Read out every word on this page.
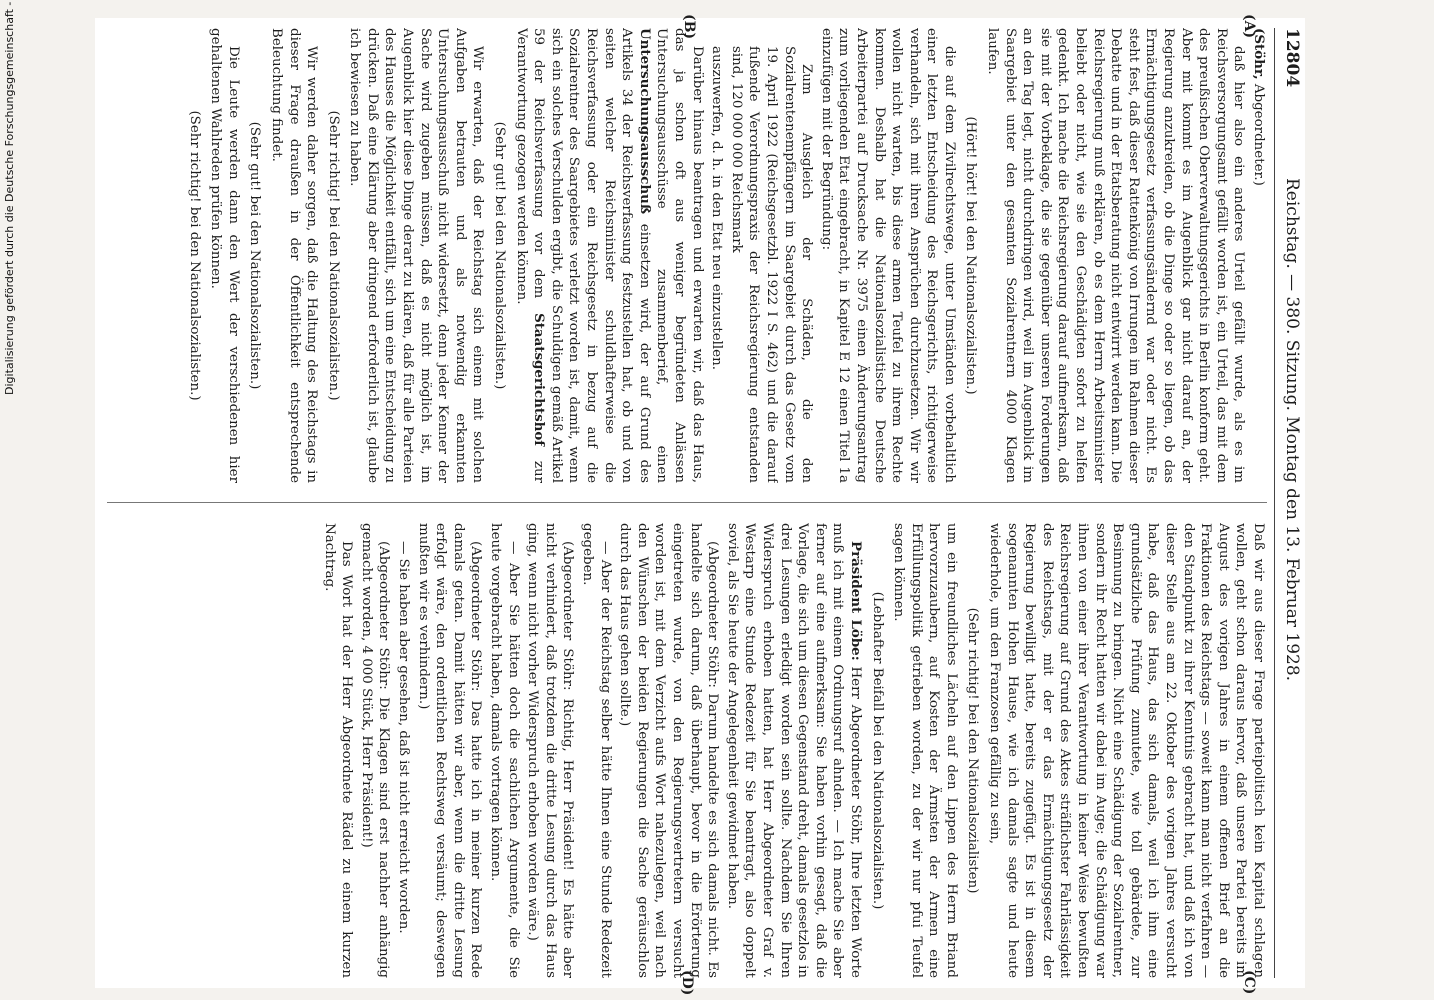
12804
Reichstag. — 380. Sitzung. Montag den 13. Februar 1928.
(A)
(B)
(C)
(D)

(Stöhr, Abgeordneter.)

daß hier also ein anderes Urteil gefällt wurde, als es im Reichsversorgungsamt gefällt worden ist, ein Urteil, das mit dem des preußischen Oberverwaltungsgerichts in Berlin konform geht. Aber mit kommt es im Augenblick gar nicht darauf an, der Regierung anzukreiden, ob die Dinge so oder so liegen, ob das Ermächtigungsgesetz verfassungsändernd war oder nicht. Es steht fest, daß dieser Rattenkönig von Irrungen im Rahmen dieser Debatte und in der Etatsberatung nicht entwirrt werden kann. Die Reichsregierung muß erklären, ob es dem Herrn Arbeitsminister beliebt oder nicht, wie sie den Geschädigten sofort zu helfen gedenkt. Ich mache die Reichsregierung darauf aufmerksam, daß sie mit der Vorbeklage, die sie gegenüber unseren Forderungen an den Tag legt, nicht durchdringen wird, weil im Augenblick im Saargebiet unter den gesamten Sozialrentnern 4000 Klagen laufen.

(Hört! hört! bei den Nationalsozialisten.)

die auf dem Zivilrechtswege, unter Umständen vorbehaltlich einer letzten Entscheidung des Reichsgerichts, richtigerweise verhandeln, sich mit ihren Ansprüchen durchzusetzen. Wir wir wollen nicht warten, bis diese armen Teufel zu ihrem Rechte kommen. Deshalb hat die Nationalsozialistische Deutsche Arbeiterpartei auf Drucksache Nr. 3975 einen Änderungsantrag zum vorliegenden Etat eingebracht, in Kapitel E 12 einen Titel 1a einzufügen mit der Begründung:

Zum Ausgleich der Schäden, die den Sozialrentenempfängern im Saargebiet durch das Gesetz vom 19. April 1922 (Reichsgesetzbl. 1922 I S. 462) und die darauf fußende Verordnungspraxis der Reichsregierung entstanden sind, 120 000 000 Reichsmark

auszuwerfen, d. h. in den Etat neu einzustellen.

Darüber hinaus beantragen und erwarten wir, daß das Haus, das ja schon oft aus weniger begründeten Anlässen Untersuchungsausschüsse zusammenberief, einen Untersuchungsausschuß einsetzen wird, der auf Grund des Artikels 34 der Reichsverfassung festzustellen hat, ob und von seiten welcher Reichsminister schuldhafterweise die Reichsverfassung oder ein Reichsgesetz in bezug auf die Sozialrentner des Saargebietes verletzt worden ist, damit, wenn sich ein solches Verschulden ergibt, die Schuldigen gemäß Artikel 59 der Reichsverfassung vor dem Staatsgerichtshof zur Verantwortung gezogen werden können.

(Sehr gut! bei den Nationalsozialisten.)

Wir erwarten, daß der Reichstag sich einem mit solchen Aufgaben betrauten und als notwendig erkannten Untersuchungsausschuß nicht widersetzt, denn jeder Kenner der Sache wird zugeben müssen, daß es nicht möglich ist, im Augenblick hier diese Dinge derart zu klären, daß für alle Parteien des Hauses die Möglichkeit entfällt, sich um eine Entscheidung zu drücken. Daß eine Klärung aber dringend erforderlich ist, glaube ich bewiesen zu haben.

(Sehr richtig! bei den Nationalsozialisten.)

Wir werden daher sorgen, daß die Haltung des Reichstags in dieser Frage draußen in der Öffentlichkeit entsprechende Beleuchtung findet.

(Sehr gut! bei den Nationalsozialisten.)

Die Leute werden dann den Wert der verschiedenen hier gehaltenen Wahlreden prüfen können.

(Sehr richtig! bei den Nationalsozialisten.)

Daß wir aus dieser Frage parteipolitisch kein Kapital schlagen wollen, geht schon daraus hervor, daß unsere Partei bereits im August des vorigen Jahres in einem offenen Brief an die Fraktionen des Reichstags — soweit kann man nicht verfahren — den Standpunkt zu ihrer Kenntnis gebracht hat, und daß ich von dieser Stelle aus am 22. Oktober des vorigen Jahres versucht habe, daß das Haus, das sich damals, weil ich ihm eine grundsätzliche Prüfung zumutete, wie toll gebärdete, zur Besinnung zu bringen. Nicht eine Schädigung der Sozialrentner, sondern ihr Recht hatten wir dabei im Auge; die Schädigung war ihnen von einer ihrer Verantwortung in keiner Weise bewußten Reichsregierung auf Grund des Aktes sträflichster Fahrlässigkeit des Reichstags, mit der er das Ermächtigungsgesetz der Regierung bewilligt hatte, bereits zugefügt. Es ist in diesem sogenannten Hohen Hause, wie ich damals sagte und heute wiederhole, um den Franzosen gefällig zu sein,

(Sehr richtig! bei den Nationalsozialisten)

um ein freundliches Lächeln auf den Lippen des Herrn Briand hervorzuzaubern, auf Kosten der Ärmsten der Armen eine Erfüllungspolitik getrieben worden, zu der wir nur pfui Teufel sagen können.

(Lebhafter Beifall bei den Nationalsozialisten.)

Präsident Löbe: Herr Abgeordneter Stöhr, Ihre letzten Worte muß ich mit einem Ordnungsruf ahnden. — Ich mache Sie aber ferner auf eine aufmerksam: Sie haben vorhin gesagt, daß die Vorlage, die sich um diesen Gegenstand dreht, damals gesetzlos in drei Lesungen erledigt worden sein sollte. Nachdem Sie Ihren Widerspruch erhoben hatten, hat Herr Abgeordneter Graf v. Westarp eine Stunde Redezeit für Sie beantragt, also doppelt soviel, als Sie heute der Angelegenheit gewidmet haben.

(Abgeordneter Stöhr: Darum handelte es sich damals nicht. Es handelte sich darum, daß überhaupt, bevor in die Erörterung eingetreten wurde, von den Regierungsvertretern versucht worden ist, mit dem Verzicht aufs Wort nahezulegen, weil nach den Wünschen der beiden Regierungen die Sache geräuschlos durch das Haus gehen sollte.)

— Aber der Reichstag selber hätte Ihnen eine Stunde Redezeit gegeben.

(Abgeordneter Stöhr: Richtig, Herr Präsident! Es hätte aber nicht verhindert, daß trotzdem die dritte Lesung durch das Haus ging, wenn nicht vorher Widerspruch erhoben worden wäre.)

— Aber Sie hätten doch die sachlichen Argumente, die Sie heute vorgebracht haben, damals vortragen können.

(Abgeordneter Stöhr: Das hatte ich in meiner kurzen Rede damals getan. Damit hätten wir aber, wenn die dritte Lesung erfolgt wäre, den ordentlichen Rechtsweg versäumt; deswegen mußten wir es verhindern.)

— Sie haben aber gesehen, daß ist nicht erreicht worden.

(Abgeordneter Stöhr: Die Klagen sind erst nachher anhängig gemacht worden, 4 000 Stück, Herr Präsident!)

Das Wort hat der Herr Abgeordnete Rädel zu einem kurzen Nachtrag.

Digitalisierung gefördert durch die Deutsche Forschungsgemeinschaft -
